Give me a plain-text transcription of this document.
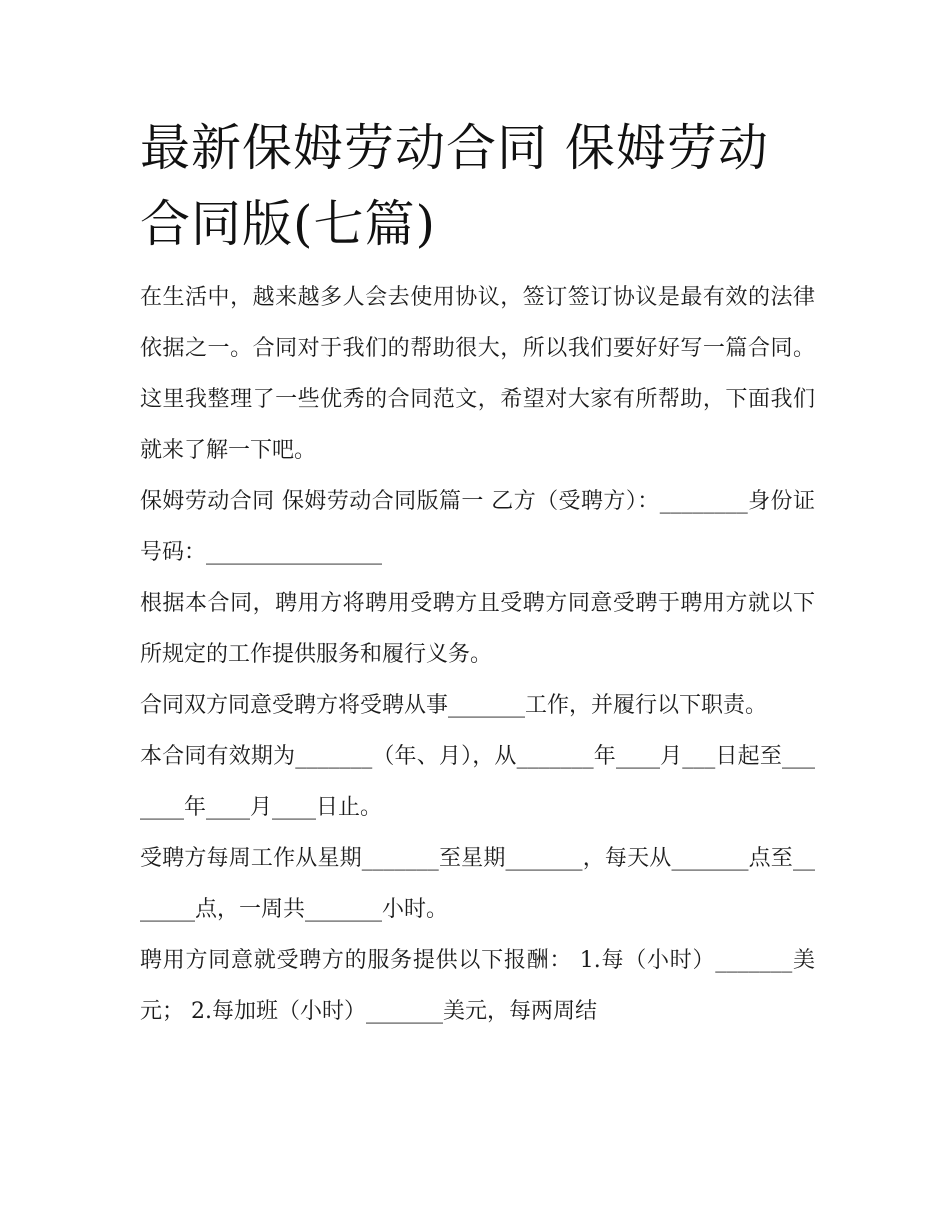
最新保姆劳动合同 保姆劳动合同版(七篇)

在生活中，越来越多人会去使用协议，签订签订协议是最有效的法律依据之一。合同对于我们的帮助很大，所以我们要好好写一篇合同。这里我整理了一些优秀的合同范文，希望对大家有所帮助，下面我们就来了解一下吧。

保姆劳动合同 保姆劳动合同版篇一 乙方（受聘方）：________身份证号码：________________

根据本合同，聘用方将聘用受聘方且受聘方同意受聘于聘用方就以下所规定的工作提供服务和履行义务。

合同双方同意受聘方将受聘从事_______工作，并履行以下职责。

本合同有效期为_______（年、月），从_______年____月___日起至_______年____月____日止。

受聘方每周工作从星期_______至星期_______，每天从_______点至_______点，一周共_______小时。

聘用方同意就受聘方的服务提供以下报酬： 1.每（小时）_______美元； 2.每加班（小时）_______美元，每两周结
